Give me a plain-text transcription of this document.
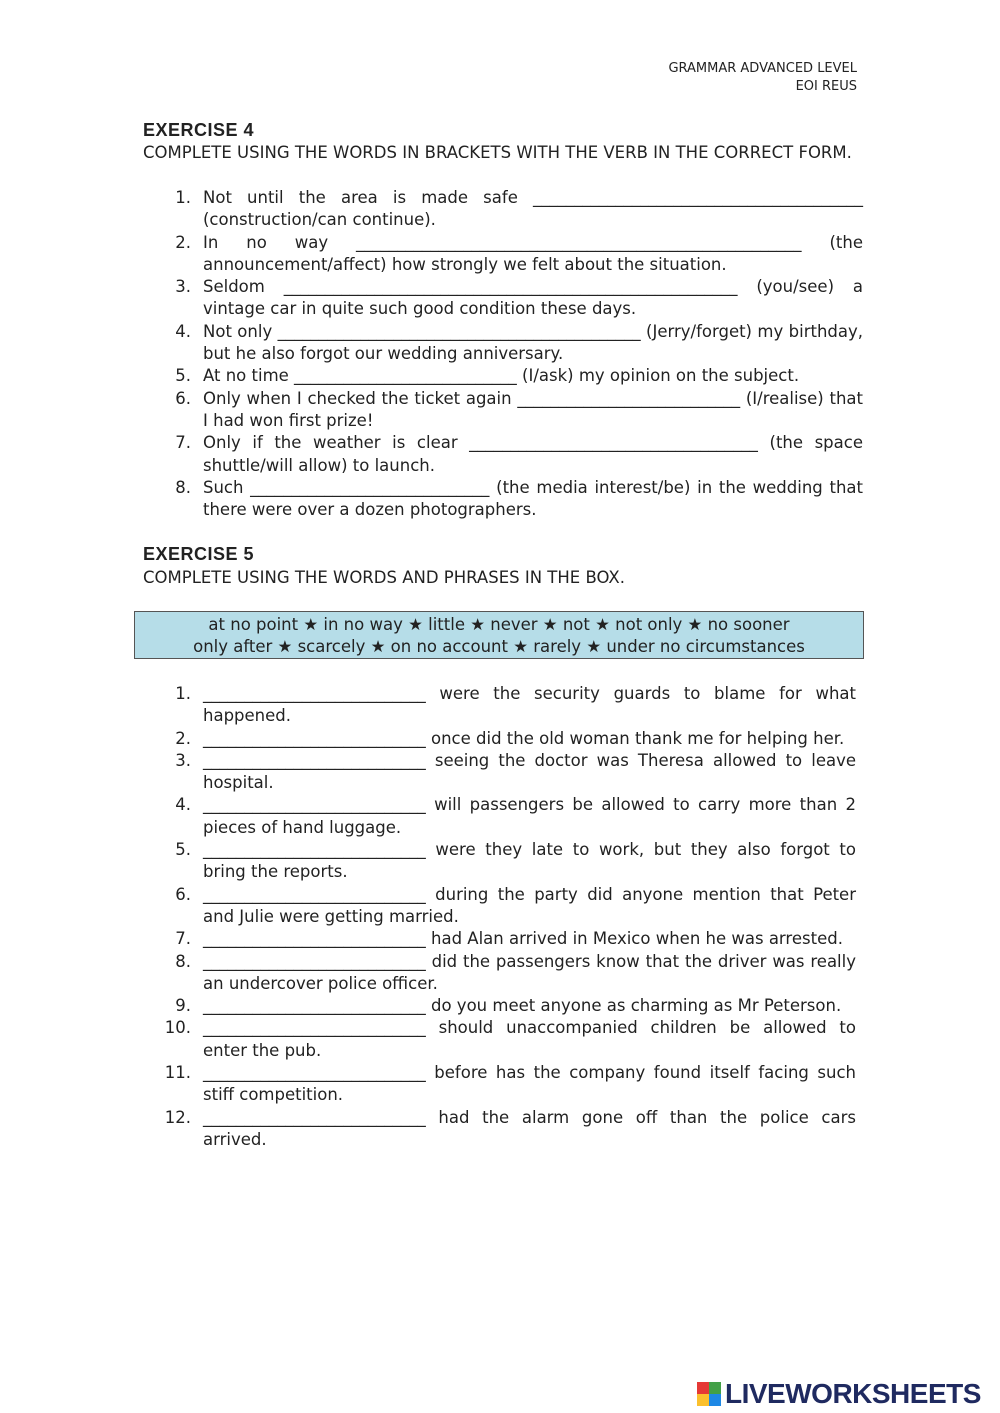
GRAMMAR ADVANCED LEVEL
EOI REUS
EXERCISE 4
COMPLETE USING THE WORDS IN BRACKETS WITH THE VERB IN THE CORRECT FORM.
1. Not until the area is made safe ________________________________________ (construction/can continue).
2. In no way ______________________________________________________ (the announcement/affect) how strongly we felt about the situation.
3. Seldom _______________________________________________________ (you/see) a vintage car in quite such good condition these days.
4. Not only ____________________________________________ (Jerry/forget) my birthday, but he also forgot our wedding anniversary.
5. At no time ___________________________ (I/ask) my opinion on the subject.
6. Only when I checked the ticket again ___________________________ (I/realise) that I had won first prize!
7. Only if the weather is clear ___________________________________ (the space shuttle/will allow) to launch.
8. Such _____________________________ (the media interest/be) in the wedding that there were over a dozen photographers.
EXERCISE 5
COMPLETE USING THE WORDS AND PHRASES IN THE BOX.
at no point ★ in no way ★ little ★ never ★ not ★ not only ★ no sooner
only after ★ scarcely ★ on no account ★ rarely ★ under no circumstances
1. ___________________________ were the security guards to blame for what happened.
2. ___________________________ once did the old woman thank me for helping her.
3. ___________________________ seeing the doctor was Theresa allowed to leave hospital.
4. ___________________________ will passengers be allowed to carry more than 2 pieces of hand luggage.
5. ___________________________ were they late to work, but they also forgot to bring the reports.
6. ___________________________ during the party did anyone mention that Peter and Julie were getting married.
7. ___________________________ had Alan arrived in Mexico when he was arrested.
8. ___________________________ did the passengers know that the driver was really an undercover police officer.
9. ___________________________ do you meet anyone as charming as Mr Peterson.
10. ___________________________ should unaccompanied children be allowed to enter the pub.
11. ___________________________ before has the company found itself facing such stiff competition.
12. ___________________________ had the alarm gone off than the police cars arrived.
LIVEWORKSHEETS
